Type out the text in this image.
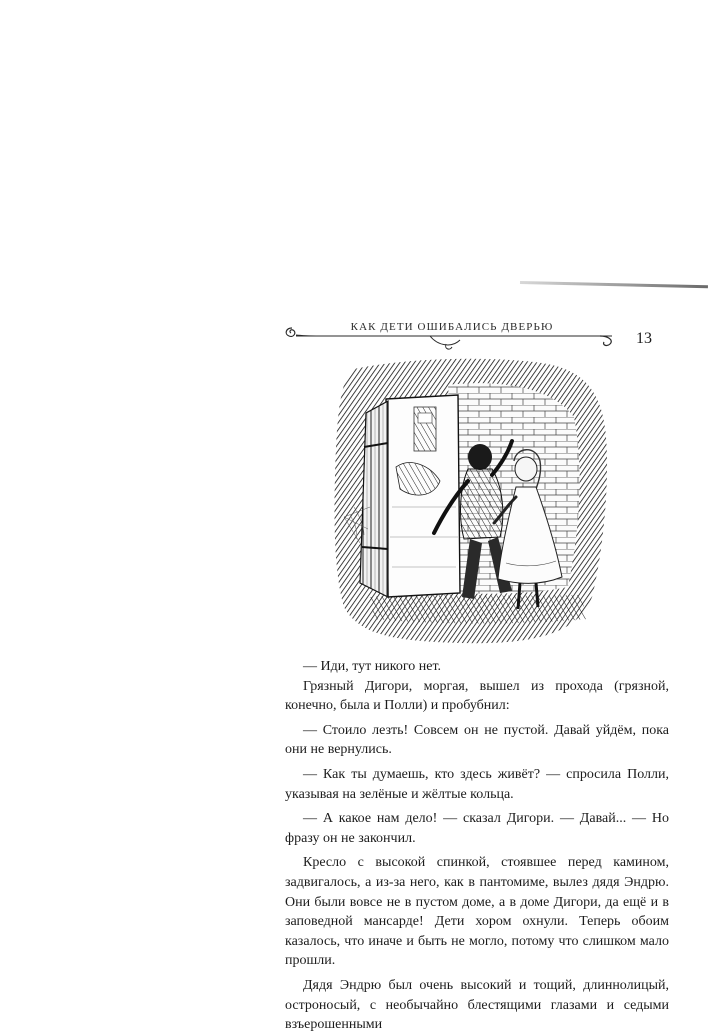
КАК ДЕТИ ОШИБАЛИСЬ ДВЕРЬЮ
13

— Иди, тут никого нет.

Грязный Дигори, моргая, вышел из прохода (грязной, конечно, была и Полли) и пробубнил:

— Стоило лезть! Совсем он не пустой. Давай уйдём, пока они не вернулись.

— Как ты думаешь, кто здесь живёт? — спросила Полли, указывая на зелёные и жёлтые кольца.

— А какое нам дело! — сказал Дигори. — Давай... — Но фразу он не закончил.

Кресло с высокой спинкой, стоявшее перед камином, задвигалось, а из-за него, как в пантомиме, вылез дядя Эндрю. Они были вовсе не в пустом доме, а в доме Дигори, да ещё и в заповедной мансарде! Дети хором охнули. Теперь обоим казалось, что иначе и быть не могло, потому что слишком мало прошли.

Дядя Эндрю был очень высокий и тощий, длиннолицый, остроносый, с необычайно блестящими глазами и седыми взъерошенными
